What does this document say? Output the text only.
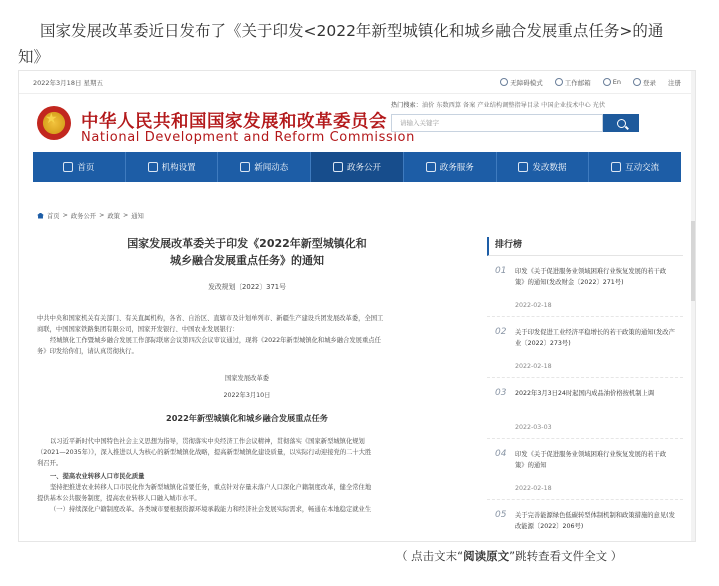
国家发展改革委近日发布了《关于印发<2022年新型城镇化和城乡融合发展重点任务>的通
知》
2022年3月18日 星期五	无障碍模式	工作邮箱	En	登录 注册
★ 中华人民共和国国家发展和改革委员会
National Development and Reform Commission
热门搜索：油价 东数西算 备案 产业结构调整指导目录 中国企业技术中心 光伏
请输入关键字
首页	机构设置	新闻动态	政务公开	政务服务	发改数据	互动交流
首页 > 政务公开 > 政策 > 通知
国家发展改革委关于印发《2022年新型城镇化和
城乡融合发展重点任务》的通知
发改规划〔2022〕371号

中共中央和国家机关有关部门、有关直属机构，各省、自治区、直辖市及计划单列市、新疆生产建设兵团发展改革委，全国工
商联，中国国家铁路集团有限公司，国家开发银行、中国农业发展银行：

经城镇化工作暨城乡融合发展工作部际联席会议第四次会议审议通过，现将《2022年新型城镇化和城乡融合发展重点任
务》印发给你们，请认真贯彻执行。

国家发展改革委

2022年3月10日

2022年新型城镇化和城乡融合发展重点任务

以习近平新时代中国特色社会主义思想为指导，贯彻落实中央经济工作会议精神，贯彻落实《国家新型城镇化规划
（2021—2035年）》，深入推进以人为核心的新型城镇化战略，提高新型城镇化建设质量，以实际行动迎接党的二十大胜
利召开。

一、提高农业转移人口市民化质量

坚持把推进农业转移人口市民化作为新型城镇化首要任务，重点针对存量未落户人口深化户籍制度改革，健全常住地
提供基本公共服务制度，提高农业转移人口融入城市水平。

（一）持续深化户籍制度改革。各类城市要根据资源环境承载能力和经济社会发展实际需求，畅通在本地稳定就业生

排行榜
01 印发《关于促进服务业领域困难行业恢复发展的若干政策》的通知(发改财金〔2022〕271号)
2022-02-18
02 关于印发促进工业经济平稳增长的若干政策的通知(发改产业〔2022〕273号)
2022-02-18
03 2022年3月3日24时起国内成品油价格按机制上调
2022-03-03
04 印发《关于促进服务业领域困难行业恢复发展的若干政策》的通知
2022-02-18
05 关于完善能源绿色低碳转型体制机制和政策措施的意见(发改能源〔2022〕206号)
（ 点击文末“阅读原文”跳转查看文件全文 ）
